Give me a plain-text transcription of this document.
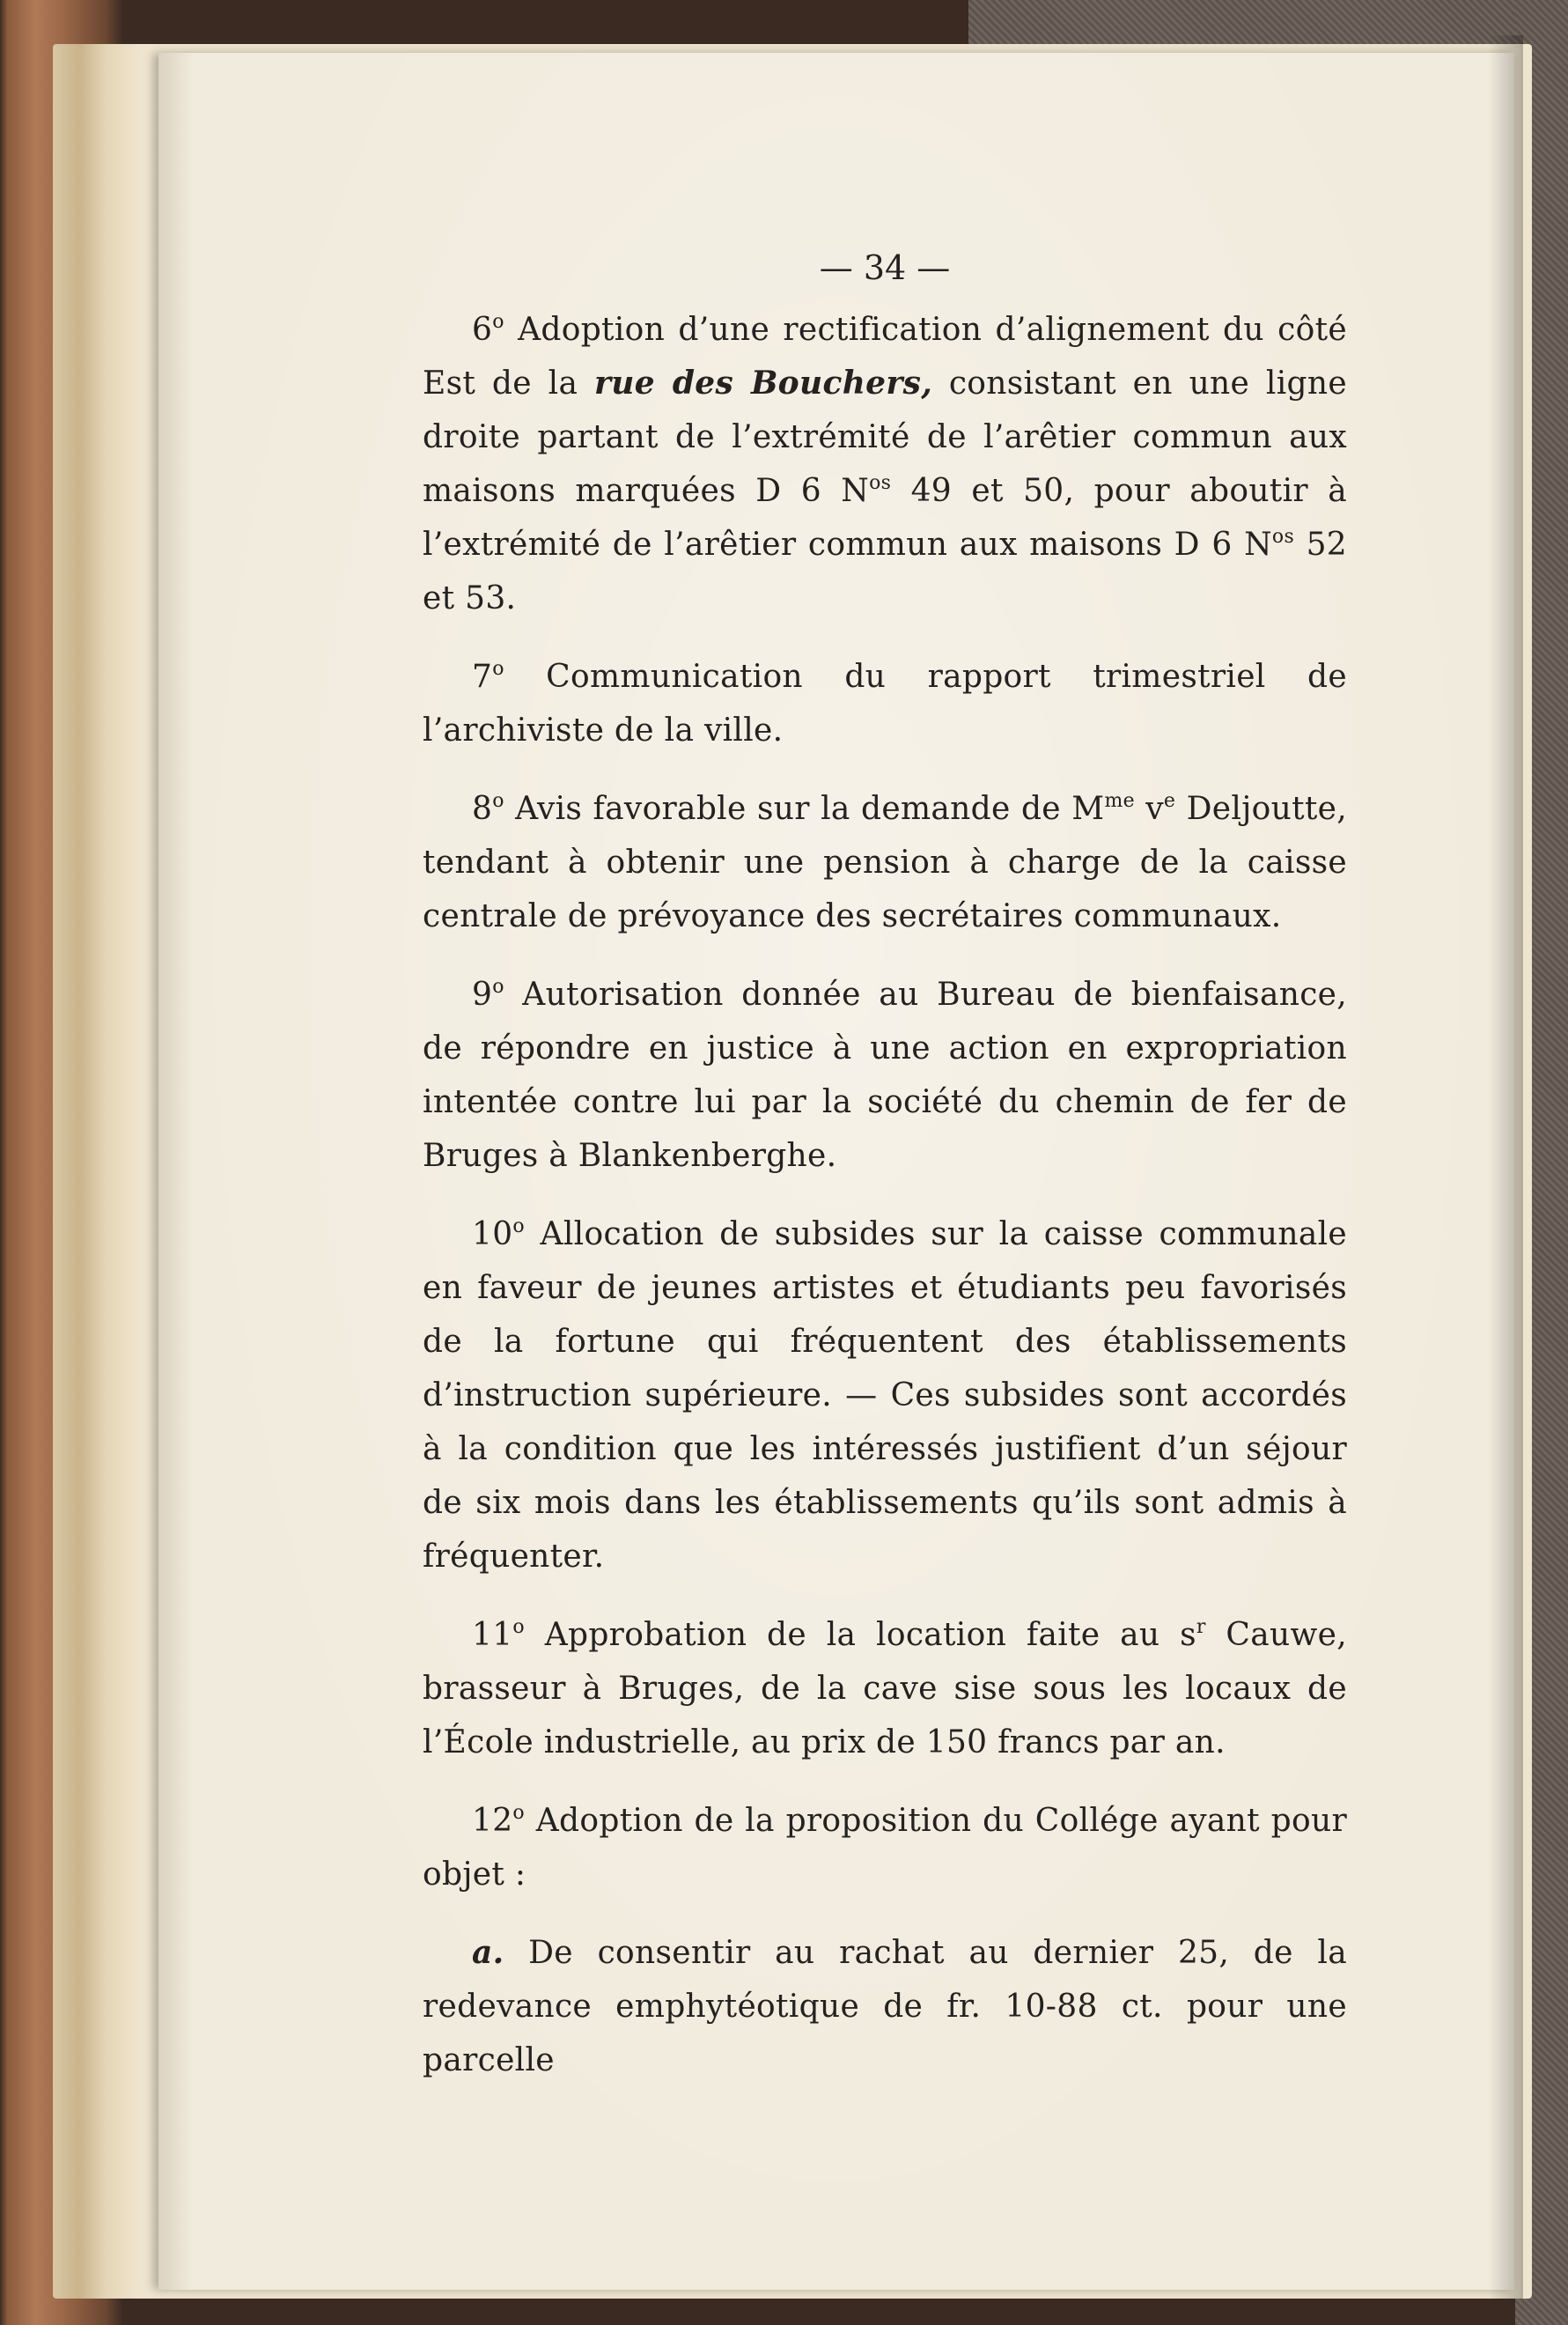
— 34 —

6$^o$ Adoption d’une rectification d’alignement du côté Est de la rue des Bouchers, consistant en une ligne droite partant de l’extrémité de l’arêtier commun aux maisons marquées D 6 $N^{os}$ 49 et 50, pour aboutir à l’extrémité de l’arêtier commun aux maisons D 6 $N^{os}$ 52 et 53.

7$^o$ Communication du rapport trimestriel de l’archiviste de la ville.

8$^o$ Avis favorable sur la demande de $M^{me}$ $v^e$ Deljoutte, tendant à obtenir une pension à charge de la caisse centrale de prévoyance des secrétaires communaux.

9$^o$ Autorisation donnée au Bureau de bienfaisance, de répondre en justice à une action en expropriation intentée contre lui par la société du chemin de fer de Bruges à Blankenberghe.

10$^o$ Allocation de subsides sur la caisse communale en faveur de jeunes artistes et étudiants peu favorisés de la fortune qui fréquentent des établissements d’instruction supérieure. — Ces subsides sont accordés à la condition que les intéressés justifient d’un séjour de six mois dans les établissements qu’ils sont admis à fréquenter.

11$^o$ Approbation de la location faite au $s^r$ Cauwe, brasseur à Bruges, de la cave sise sous les locaux de l’École industrielle, au prix de 150 francs par an.

12$^o$ Adoption de la proposition du Collége ayant pour objet :

a. De consentir au rachat au dernier 25, de la redevance emphytéotique de fr. 10-88 ct. pour une parcelle
